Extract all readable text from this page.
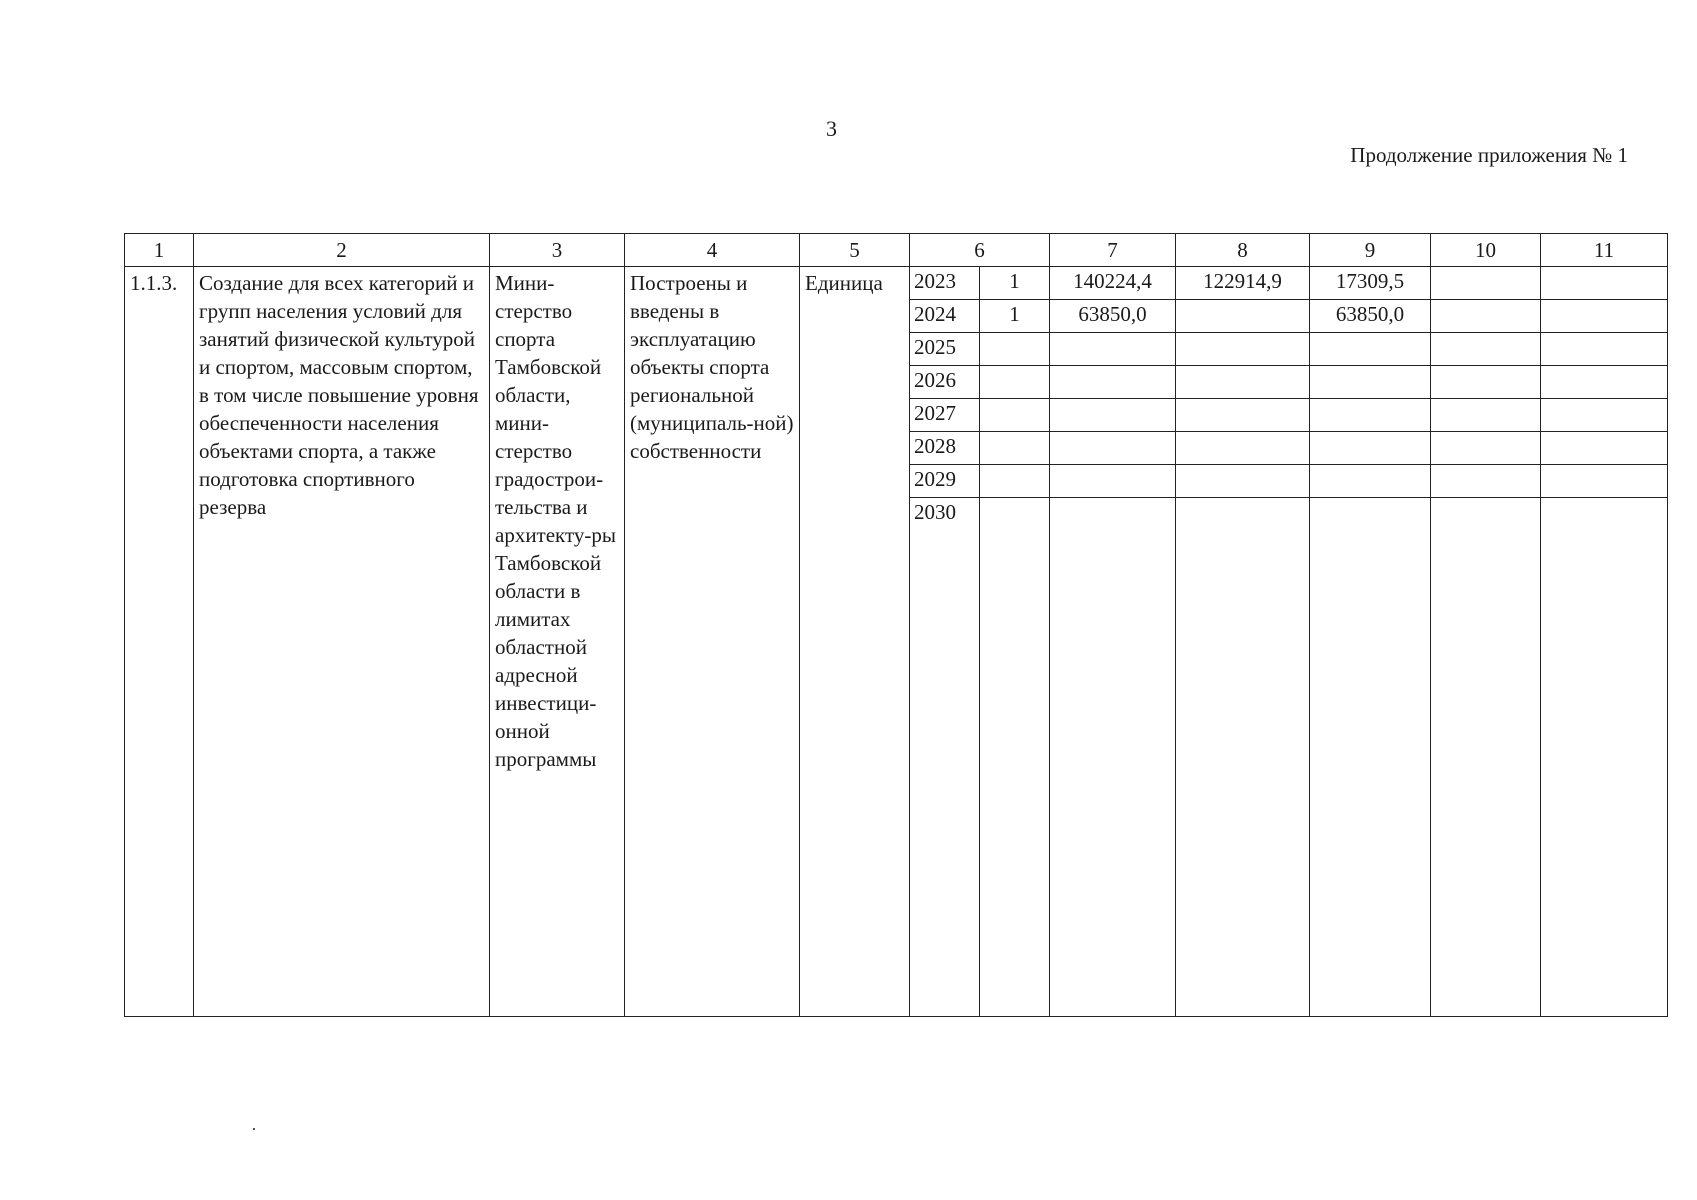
3
Продолжение приложения № 1
1	2	3	4	5	6		7	8	9	10	11
1.1.3.	Создание для всех категорий и групп населения условий для занятий физической культурой и спортом, массовым спортом, в том числе повышение уровня обеспеченности населения объектами спорта, а также подготовка спортивного резерва	Мини-стерство спорта Тамбовской области, мини-стерство градострои-тельства и архитекту-ры Тамбовской области в лимитах областной адресной инвестици-онной программы	Построены и введены в эксплуатацию объекты спорта региональной (муниципаль-ной) собственности	Единица	2023	1	140224,4	122914,9	17309,5		
					2024	1	63850,0		63850,0		
					2025						
					2026						
					2027						
					2028						
					2029						
					2030						
